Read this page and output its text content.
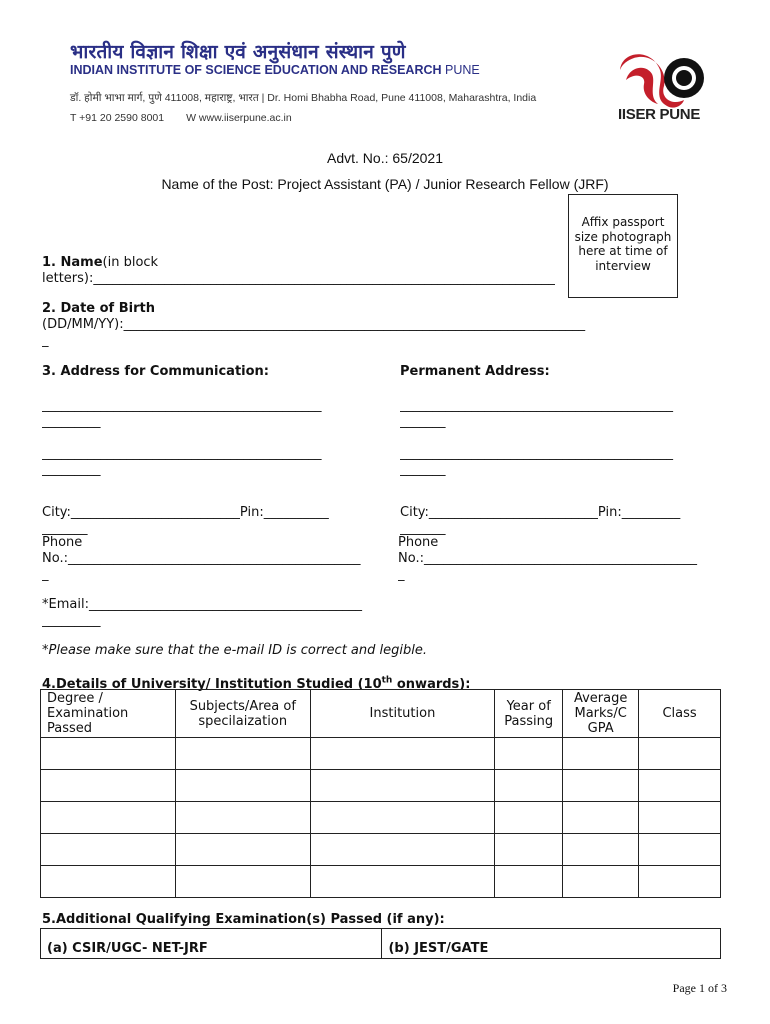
भारतीय विज्ञान शिक्षा एवं अनुसंधान संस्थान पुणे
INDIAN INSTITUTE OF SCIENCE EDUCATION AND RESEARCH PUNE
डॉ. होमी भाभा मार्ग, पुणे 411008, महाराष्ट्र, भारत | Dr. Homi Bhabha Road, Pune 411008, Maharashtra, India
T +91 20 2590 8001 W www.iiserpune.ac.in	IISER PUNE
Advt. No.: 65/2021
Name of the Post: Project Assistant (PA) / Junior Research Fellow (JRF)
Affix passport size photograph here at time of interview
1. Name(in block
letters):_______________________________________________________________________
2. Date of Birth
(DD/MM/YY):_______________________________________________________________________
_
3. Address for Communication:	Permanent Address:
___________________________________________
_________
___________________________________________
_________
City:__________________________Pin:__________
_______
Phone
No.:_____________________________________________
_
__________________________________________
_______
__________________________________________
_______
City:__________________________Pin:_________
_______
Phone
No.:__________________________________________
_
*Email:__________________________________________
_________
*Please make sure that the e-mail ID is correct and legible.
4.Details of University/ Institution Studied (10th onwards):
Degree / Examination Passed	Subjects/Area of specilaization	Institution	Year of Passing	Average Marks/C GPA	Class

5.Additional Qualifying Examination(s) Passed (if any):
(a) CSIR/UGC- NET-JRF	(b) JEST/GATE
Page 1 of 3
